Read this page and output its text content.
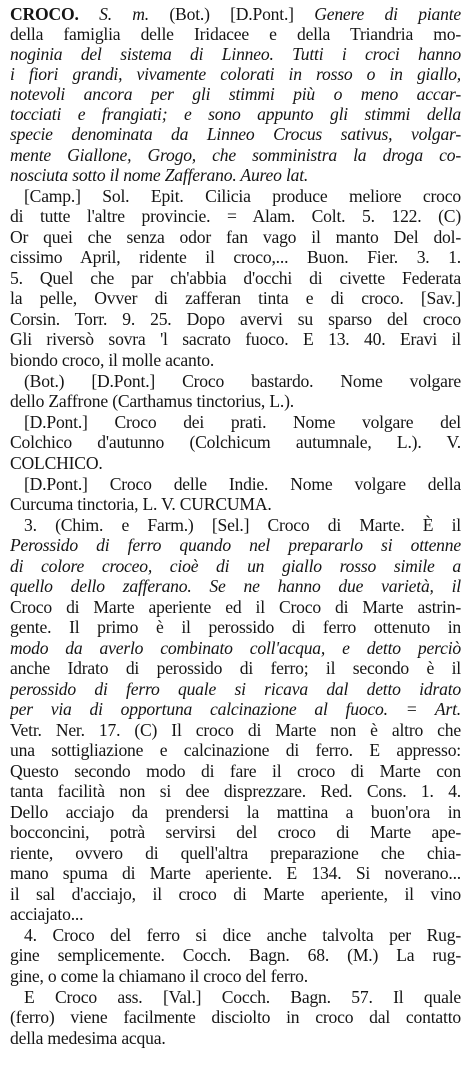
CROCO. S. m. (Bot.) [D.Pont.] Genere di piante
della famiglia delle Iridacee e della Triandria mo-
noginia del sistema di Linneo. Tutti i croci hanno
i fiori grandi, vivamente colorati in rosso o in giallo,
notevoli ancora per gli stimmi più o meno accar-
tocciati e frangiati; e sono appunto gli stimmi della
specie denominata da Linneo Crocus sativus, volgar-
mente Giallone, Grogo, che somministra la droga co-
nosciuta sotto il nome Zafferano. Aureo lat.
[Camp.] Sol. Epit. Cilicia produce meliore croco
di tutte l'altre provincie. = Alam. Colt. 5. 122. (C)
Or quei che senza odor fan vago il manto Del dol-
cissimo April, ridente il croco,... Buon. Fier. 3. 1.
5. Quel che par ch'abbia d'occhi di civette Federata
la pelle, Ovver di zafferan tinta e di croco. [Sav.]
Corsin. Torr. 9. 25. Dopo avervi su sparso del croco
Gli riversò sovra 'l sacrato fuoco. E 13. 40. Eravi il
biondo croco, il molle acanto.
(Bot.) [D.Pont.] Croco bastardo. Nome volgare
dello Zaffrone (Carthamus tinctorius, L.).
[D.Pont.] Croco dei prati. Nome volgare del
Colchico d'autunno (Colchicum autumnale, L.). V.
COLCHICO.
[D.Pont.] Croco delle Indie. Nome volgare della
Curcuma tinctoria, L. V. CURCUMA.
3. (Chim. e Farm.) [Sel.] Croco di Marte. È il
Perossido di ferro quando nel prepararlo si ottenne
di colore croceo, cioè di un giallo rosso simile a
quello dello zafferano. Se ne hanno due varietà, il
Croco di Marte aperiente ed il Croco di Marte astrin-
gente. Il primo è il perossido di ferro ottenuto in
modo da averlo combinato coll'acqua, e detto perciò
anche Idrato di perossido di ferro; il secondo è il
perossido di ferro quale si ricava dal detto idrato
per via di opportuna calcinazione al fuoco. = Art.
Vetr. Ner. 17. (C) Il croco di Marte non è altro che
una sottigliazione e calcinazione di ferro. E appresso:
Questo secondo modo di fare il croco di Marte con
tanta facilità non si dee disprezzare. Red. Cons. 1. 4.
Dello acciajo da prendersi la mattina a buon'ora in
bocconcini, potrà servirsi del croco di Marte ape-
riente, ovvero di quell'altra preparazione che chia-
mano spuma di Marte aperiente. E 134. Si noverano...
il sal d'acciajo, il croco di Marte aperiente, il vino
acciajato...
4. Croco del ferro si dice anche talvolta per Rug-
gine semplicemente. Cocch. Bagn. 68. (M.) La rug-
gine, o come la chiamano il croco del ferro.
E Croco ass. [Val.] Cocch. Bagn. 57. Il quale
(ferro) viene facilmente disciolto in croco dal contatto
della medesima acqua.
